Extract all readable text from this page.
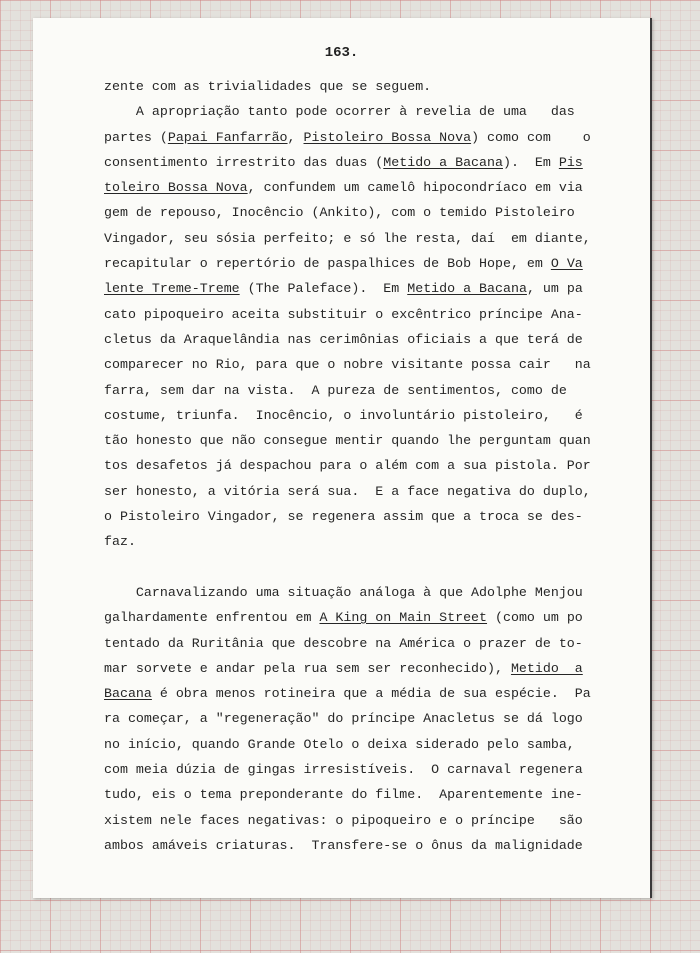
163.
zente com as trivialidades que se seguem.
A apropriação tanto pode ocorrer à revelia de uma   das
partes (Papai Fanfarrão, Pistoleiro Bossa Nova) como com    o
consentimento irrestrito das duas (Metido a Bacana).  Em Pis
toleiro Bossa Nova, confundem um camelô hipocondríaco em via
gem de repouso, Inocêncio (Ankito), com o temido Pistoleiro
Vingador, seu sósia perfeito; e só lhe resta, daí  em diante,
recapitular o repertório de paspalhices de Bob Hope, em O Va
lente Treme-Treme (The Paleface).  Em Metido a Bacana, um pa
cato pipoqueiro aceita substituir o excêntrico príncipe Ana-
cletus da Araquelândia nas cerimônias oficiais a que terá de
comparecer no Rio, para que o nobre visitante possa cair   na
farra, sem dar na vista.  A pureza de sentimentos, como de
costume, triunfa.  Inocêncio, o involuntário pistoleiro,   é
tão honesto que não consegue mentir quando lhe perguntam quan
tos desafetos já despachou para o além com a sua pistola. Por
ser honesto, a vitória será sua.  E a face negativa do duplo,
o Pistoleiro Vingador, se regenera assim que a troca se des-
faz.
Carnavalizando uma situação análoga à que Adolphe Menjou
galhardamente enfrentou em A King on Main Street (como um po
tentado da Ruritânia que descobre na América o prazer de to-
mar sorvete e andar pela rua sem ser reconhecido), Metido  a
Bacana é obra menos rotineira que a média de sua espécie.  Pa
ra começar, a "regeneração" do príncipe Anacletus se dá logo
no início, quando Grande Otelo o deixa siderado pelo samba,
com meia dúzia de gingas irresistíveis.  O carnaval regenera
tudo, eis o tema preponderante do filme.  Aparentemente ine-
xistem nele faces negativas: o pipoqueiro e o príncipe   são
ambos amáveis criaturas.  Transfere-se o ônus da malignidade
